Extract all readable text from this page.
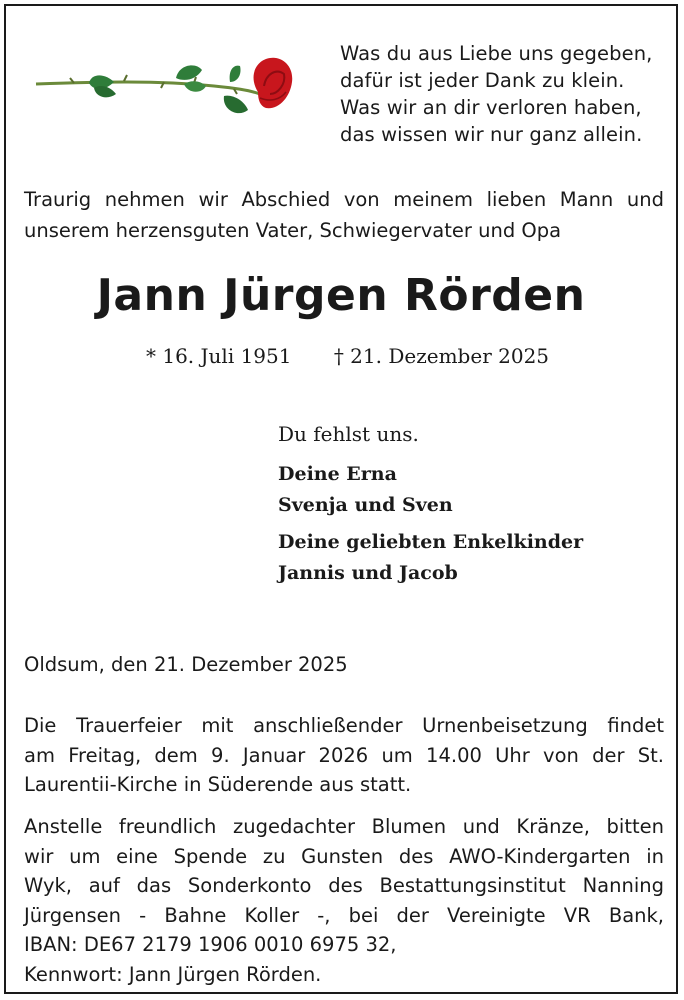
Was du aus Liebe uns gegeben,
dafür ist jeder Dank zu klein.
Was wir an dir verloren haben,
das wissen wir nur ganz allein.
Traurig nehmen wir Abschied von meinem lieben Mann und
unserem herzensguten Vater, Schwiegervater und Opa
Jann Jürgen Rörden
* 16. Juli 1951 † 21. Dezember 2025
Du fehlst uns.
Deine Erna
Svenja und Sven
Deine geliebten Enkelkinder
Jannis und Jacob
Oldsum, den 21. Dezember 2025
Die Trauerfeier mit anschließender Urnenbeisetzung findet
am Freitag, dem 9. Januar 2026 um 14.00 Uhr von der St.
Laurentii-Kirche in Süderende aus statt.
Anstelle freundlich zugedachter Blumen und Kränze, bitten
wir um eine Spende zu Gunsten des AWO-Kindergarten in
Wyk, auf das Sonderkonto des Bestattungsinstitut Nanning
Jürgensen - Bahne Koller -, bei der Vereinigte VR Bank,
IBAN: DE67 2179 1906 0010 6975 32,
Kennwort: Jann Jürgen Rörden.
